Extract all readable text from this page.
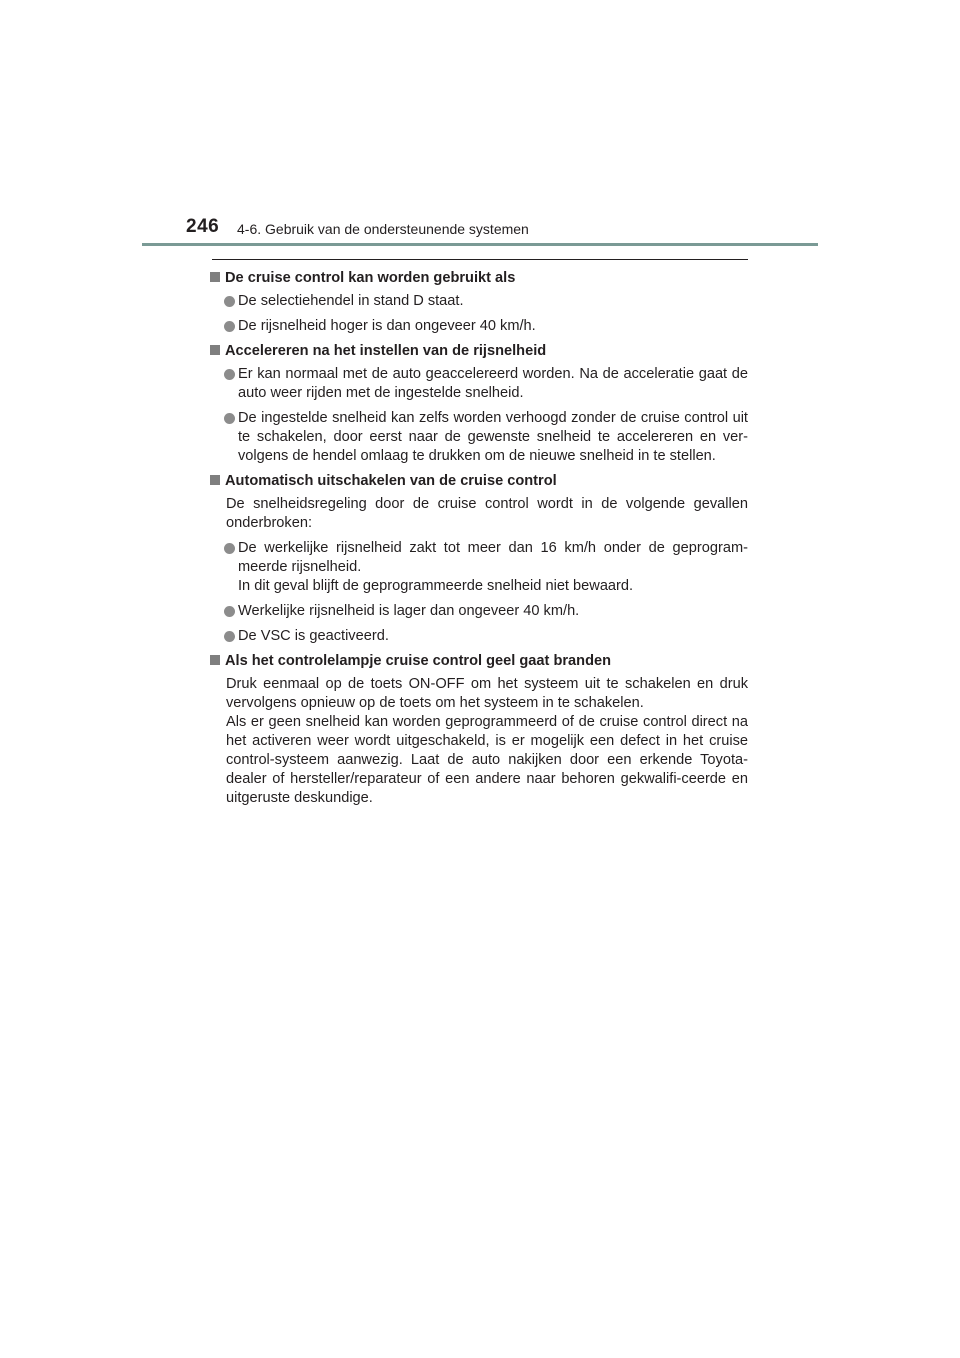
246 4-6. Gebruik van de ondersteunende systemen
De cruise control kan worden gebruikt als
De selectiehendel in stand D staat.
De rijsnelheid hoger is dan ongeveer 40 km/h.
Accelereren na het instellen van de rijsnelheid
Er kan normaal met de auto geaccelereerd worden. Na de acceleratie gaat de auto weer rijden met de ingestelde snelheid.
De ingestelde snelheid kan zelfs worden verhoogd zonder de cruise control uit te schakelen, door eerst naar de gewenste snelheid te accelereren en ver-volgens de hendel omlaag te drukken om de nieuwe snelheid in te stellen.
Automatisch uitschakelen van de cruise control
De snelheidsregeling door de cruise control wordt in de volgende gevallen onderbroken:
De werkelijke rijsnelheid zakt tot meer dan 16 km/h onder de geprogram-meerde rijsnelheid.
In dit geval blijft de geprogrammeerde snelheid niet bewaard.
Werkelijke rijsnelheid is lager dan ongeveer 40 km/h.
De VSC is geactiveerd.
Als het controlelampje cruise control geel gaat branden
Druk eenmaal op de toets ON-OFF om het systeem uit te schakelen en druk vervolgens opnieuw op de toets om het systeem in te schakelen.
Als er geen snelheid kan worden geprogrammeerd of de cruise control direct na het activeren weer wordt uitgeschakeld, is er mogelijk een defect in het cruise control-systeem aanwezig. Laat de auto nakijken door een erkende Toyota-dealer of hersteller/reparateur of een andere naar behoren gekwalifi-ceerde en uitgeruste deskundige.
